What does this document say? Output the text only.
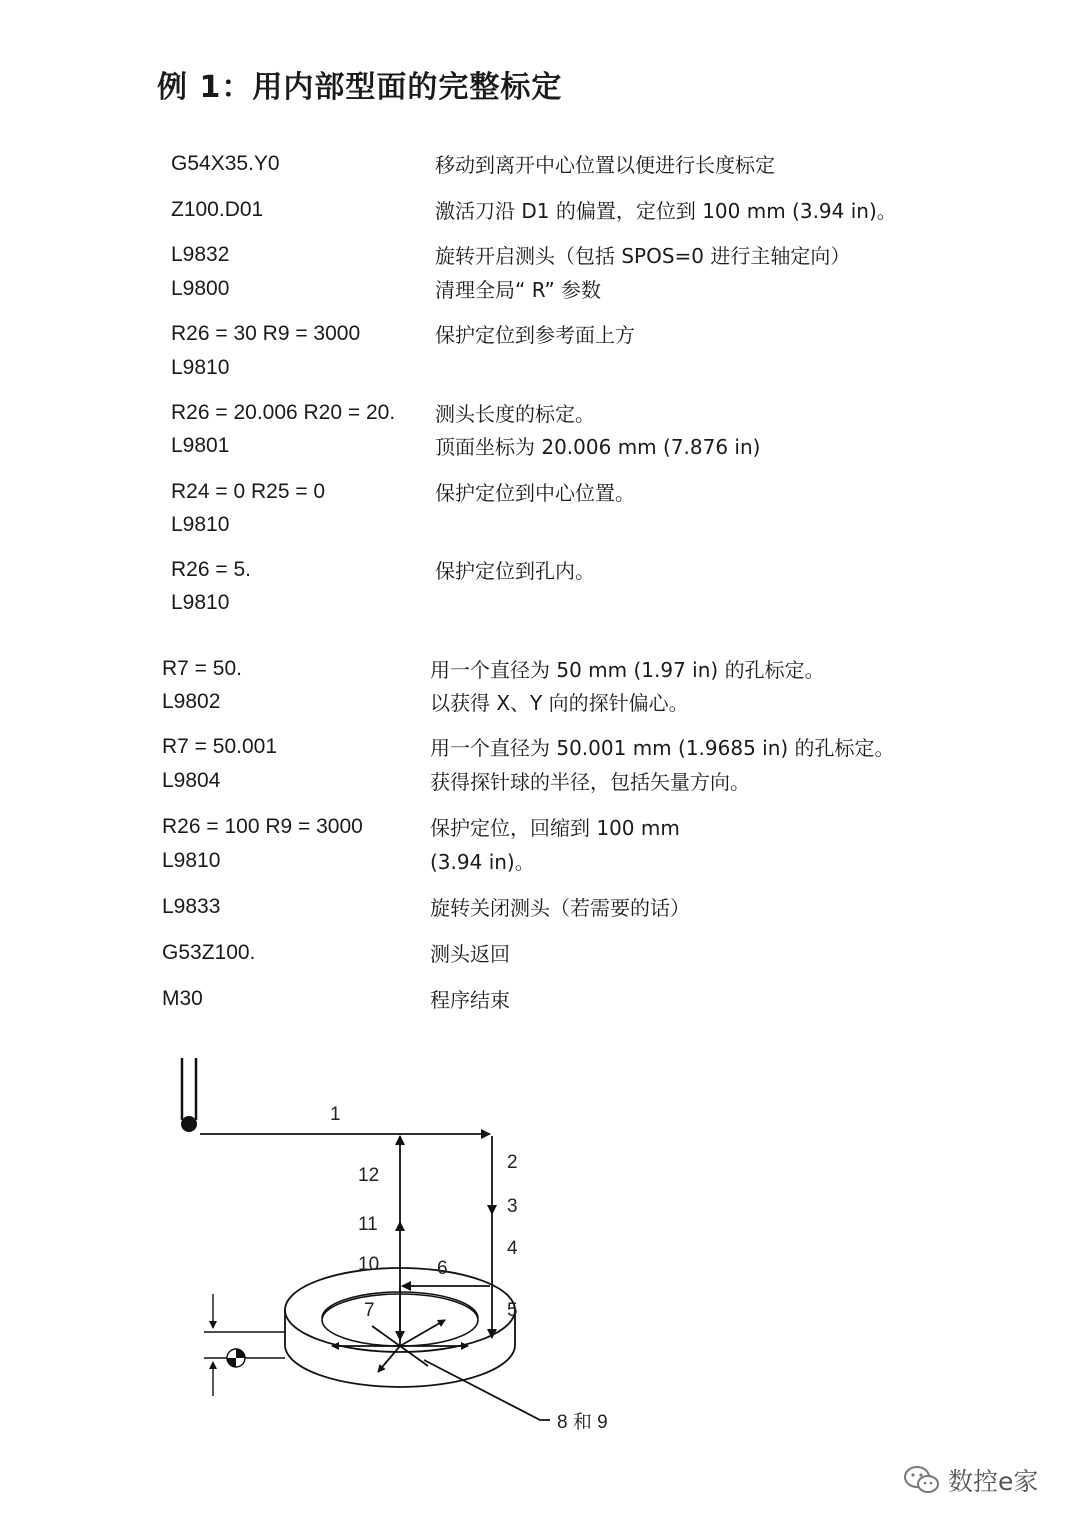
例 1：用内部型面的完整标定
G54X35.Y0	移动到离开中心位置以便进行长度标定
Z100.D01	激活刀沿 D1 的偏置，定位到 100 mm (3.94 in)。
L9832	旋转开启测头（包括 SPOS=0 进行主轴定向）
L9800	清理全局“ R” 参数
R26 = 30 R9 = 3000	保护定位到参考面上方
L9810
R26 = 20.006 R20 = 20. 测头长度的标定。
L9801	顶面坐标为 20.006 mm (7.876 in)
R24 = 0 R25 = 0	保护定位到中心位置。
L9810
R26 = 5.	保护定位到孔内。
L9810
R7 = 50.	用一个直径为 50 mm (1.97 in) 的孔标定。
L9802	以获得 X、Y 向的探针偏心。
R7 = 50.001	用一个直径为 50.001 mm (1.9685 in) 的孔标定。
L9804	获得探针球的半径，包括矢量方向。
R26 = 100 R9 = 3000	保护定位，回缩到 100 mm
L9810	(3.94 in)。
L9833	旋转关闭测头（若需要的话）
G53Z100.	测头返回
M30	程序结束
1
2
3
4
5
6
7
8 和 9
10
11
12
数控e家
